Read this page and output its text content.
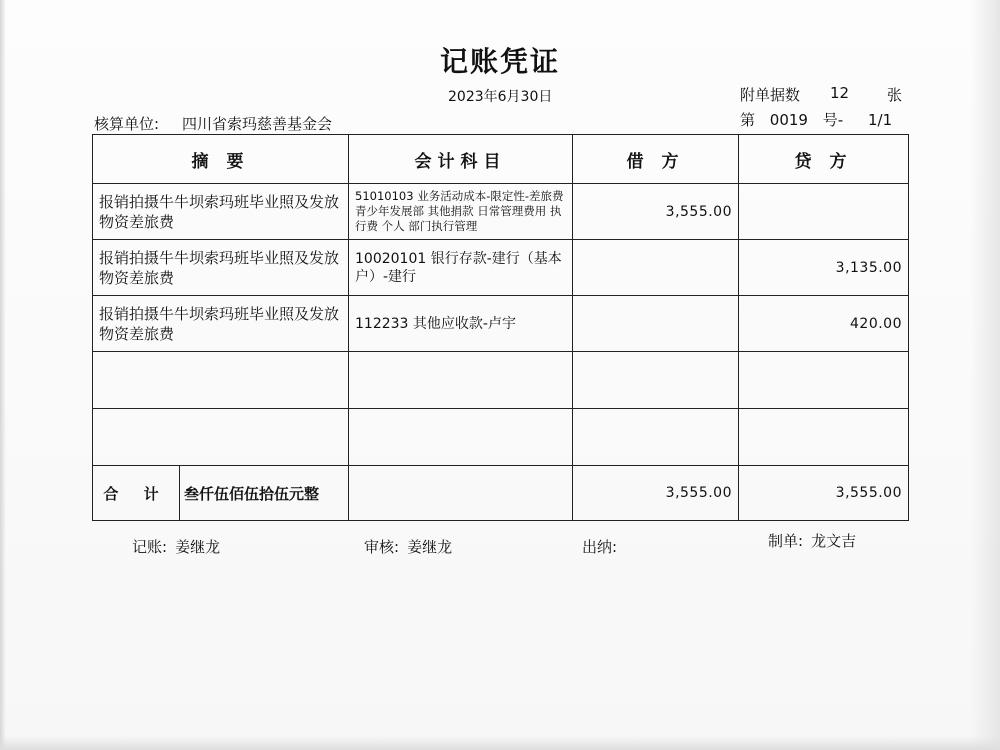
记账凭证
2023年6月30日	附单据数 12	张
核算单位: 四川省索玛慈善基金会	第 0019 号- 1/1
摘 要	会计科目	借 方	贷 方
报销拍摄牛牛坝索玛班毕业照及发放物资差旅费	51010103 业务活动成本-限定性-差旅费 青少年发展部 其他捐款 日常管理费用 执行费 个人 部门执行管理	3,555.00	
报销拍摄牛牛坝索玛班毕业照及发放物资差旅费	10020101 银行存款-建行（基本户）-建行		3,135.00
报销拍摄牛牛坝索玛班毕业照及发放物资差旅费	112233 其他应收款-卢宇		420.00

合 计 叁仟伍佰伍拾伍元整		3,555.00	3,555.00
记账: 姜继龙	审核: 姜继龙	出纳:	制单: 龙文吉
